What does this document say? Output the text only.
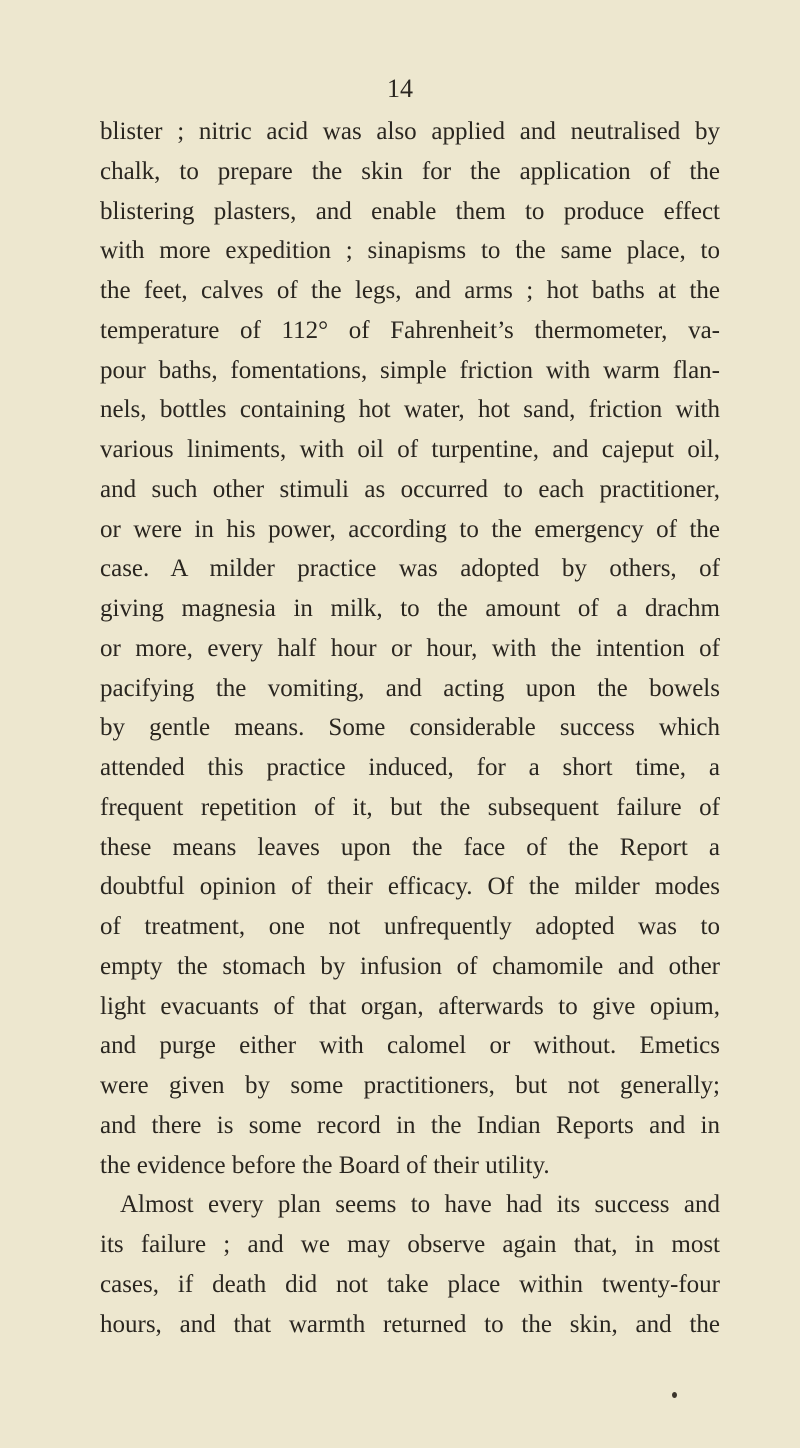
14
blister ; nitric acid was also applied and neutralised by
chalk, to prepare the skin for the application of the
blistering plasters, and enable them to produce effect
with more expedition ; sinapisms to the same place, to
the feet, calves of the legs, and arms ; hot baths at the
temperature of 112° of Fahrenheit’s thermometer, va-
pour baths, fomentations, simple friction with warm flan-
nels, bottles containing hot water, hot sand, friction with
various liniments, with oil of turpentine, and cajeput oil,
and such other stimuli as occurred to each practitioner,
or were in his power, according to the emergency of the
case. A milder practice was adopted by others, of
giving magnesia in milk, to the amount of a drachm
or more, every half hour or hour, with the intention of
pacifying the vomiting, and acting upon the bowels
by gentle means. Some considerable success which
attended this practice induced, for a short time, a
frequent repetition of it, but the subsequent failure of
these means leaves upon the face of the Report a
doubtful opinion of their efficacy. Of the milder modes
of treatment, one not unfrequently adopted was to
empty the stomach by infusion of chamomile and other
light evacuants of that organ, afterwards to give opium,
and purge either with calomel or without. Emetics
were given by some practitioners, but not generally;
and there is some record in the Indian Reports and in
the evidence before the Board of their utility.
Almost every plan seems to have had its success and
its failure ; and we may observe again that, in most
cases, if death did not take place within twenty-four
hours, and that warmth returned to the skin, and the
